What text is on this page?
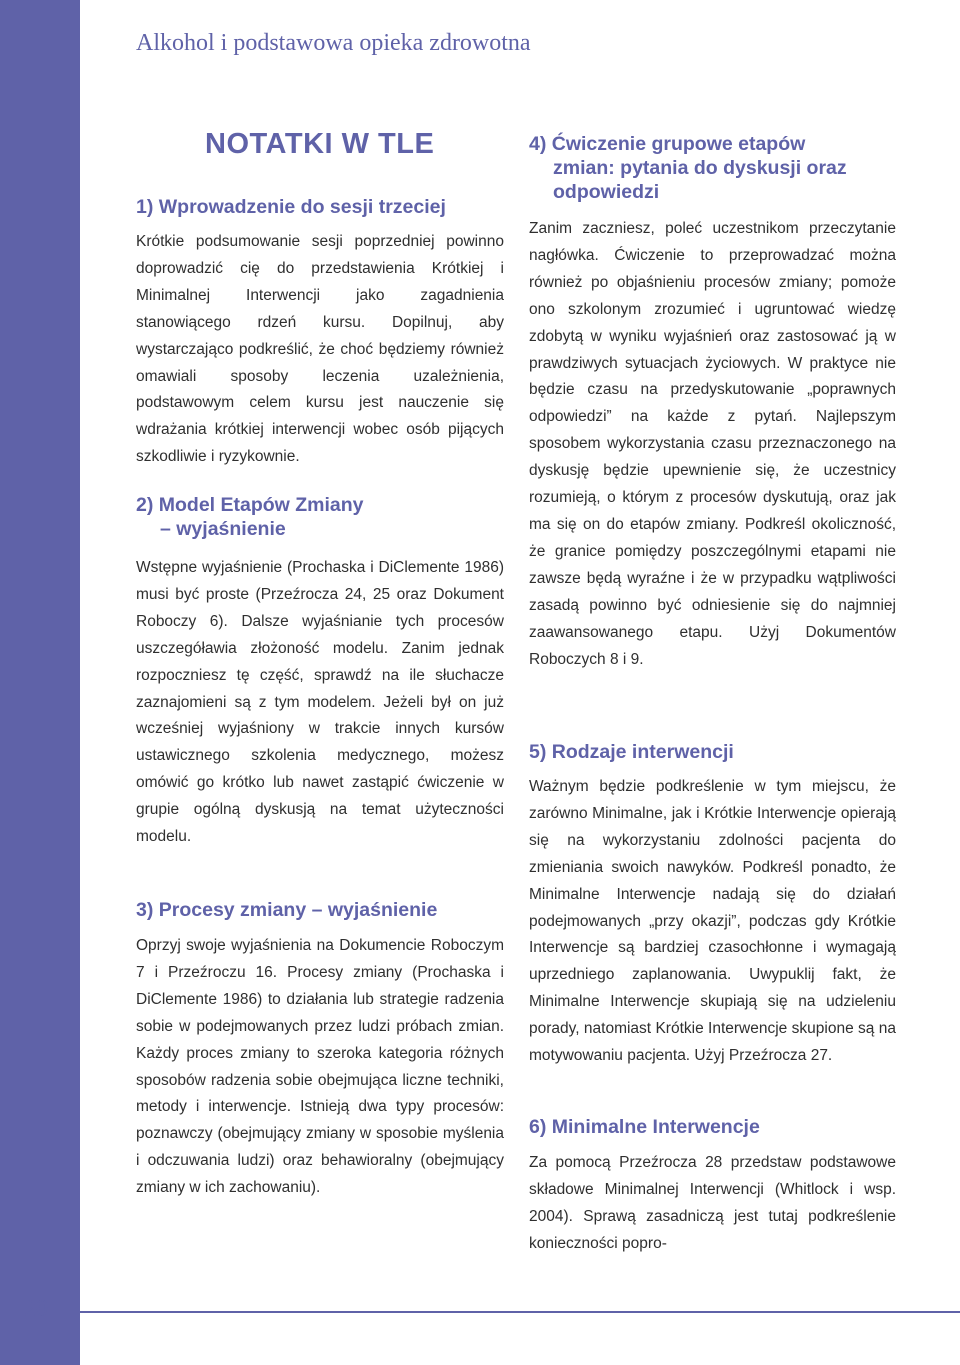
Alkohol i podstawowa opieka zdrowotna
NOTATKI W TLE
1) Wprowadzenie do sesji trzeciej
Krótkie podsumowanie sesji poprzedniej powinno doprowadzić cię do przedstawienia Krótkiej i Minimalnej Interwencji jako zagadnienia stanowiącego rdzeń kursu. Dopilnuj, aby wystarczająco podkreślić, że choć będziemy również omawiali sposoby leczenia uzależnienia, podstawowym celem kursu jest nauczenie się wdrażania krótkiej interwencji wobec osób pijących szkodliwie i ryzykownie.
2) Model Etapów Zmiany
– wyjaśnienie
Wstępne wyjaśnienie (Prochaska i DiClemente 1986) musi być proste (Przeźrocza 24, 25 oraz Dokument Roboczy 6). Dalsze wyjaśnianie tych procesów uszczegóławia złożoność modelu. Zanim jednak rozpoczniesz tę część, sprawdź na ile słuchacze zaznajomieni są z tym modelem. Jeżeli był on już wcześniej wyjaśniony w trakcie innych kursów ustawicznego szkolenia medycznego, możesz omówić go krótko lub nawet zastąpić ćwiczenie w grupie ogólną dyskusją na temat użyteczności modelu.
3) Procesy zmiany – wyjaśnienie
Oprzyj swoje wyjaśnienia na Dokumencie Roboczym 7 i Przeźroczu 16. Procesy zmiany (Prochaska i DiClemente 1986) to działania lub strategie radzenia sobie w podejmowanych przez ludzi próbach zmian. Każdy proces zmiany to szeroka kategoria różnych sposobów radzenia sobie obejmująca liczne techniki, metody i interwencje. Istnieją dwa typy procesów: poznawczy (obejmujący zmiany w sposobie myślenia i odczuwania ludzi) oraz behawioralny (obejmujący zmiany w ich zachowaniu).
4) Ćwiczenie grupowe etapów
zmian: pytania do dyskusji oraz
odpowiedzi
Zanim zaczniesz, poleć uczestnikom przeczytanie nagłówka. Ćwiczenie to przeprowadzać można również po objaśnieniu procesów zmiany; pomoże ono szkolonym zrozumieć i ugruntować wiedzę zdobytą w wyniku wyjaśnień oraz zastosować ją w prawdziwych sytuacjach życiowych. W praktyce nie będzie czasu na przedyskutowanie „poprawnych odpowiedzi” na każde z pytań. Najlepszym sposobem wykorzystania czasu przeznaczonego na dyskusję będzie upewnienie się, że uczestnicy rozumieją, o którym z procesów dyskutują, oraz jak ma się on do etapów zmiany. Podkreśl okoliczność, że granice pomiędzy poszczególnymi etapami nie zawsze będą wyraźne i że w przypadku wątpliwości zasadą powinno być odniesienie się do najmniej zaawansowanego etapu. Użyj Dokumentów Roboczych 8 i 9.
5) Rodzaje interwencji
Ważnym będzie podkreślenie w tym miejscu, że zarówno Minimalne, jak i Krótkie Interwencje opierają się na wykorzystaniu zdolności pacjenta do zmieniania swoich nawyków. Podkreśl ponadto, że Minimalne Interwencje nadają się do działań podejmowanych „przy okazji”, podczas gdy Krótkie Interwencje są bardziej czasochłonne i wymagają uprzedniego zaplanowania. Uwypuklij fakt, że Minimalne Interwencje skupiają się na udzieleniu porady, natomiast Krótkie Interwencje skupione są na motywowaniu pacjenta. Użyj Przeźrocza 27.
6) Minimalne Interwencje
Za pomocą Przeźrocza 28 przedstaw podstawowe składowe Minimalnej Interwencji (Whitlock i wsp. 2004). Sprawą zasadniczą jest tutaj podkreślenie konieczności popro-
20
